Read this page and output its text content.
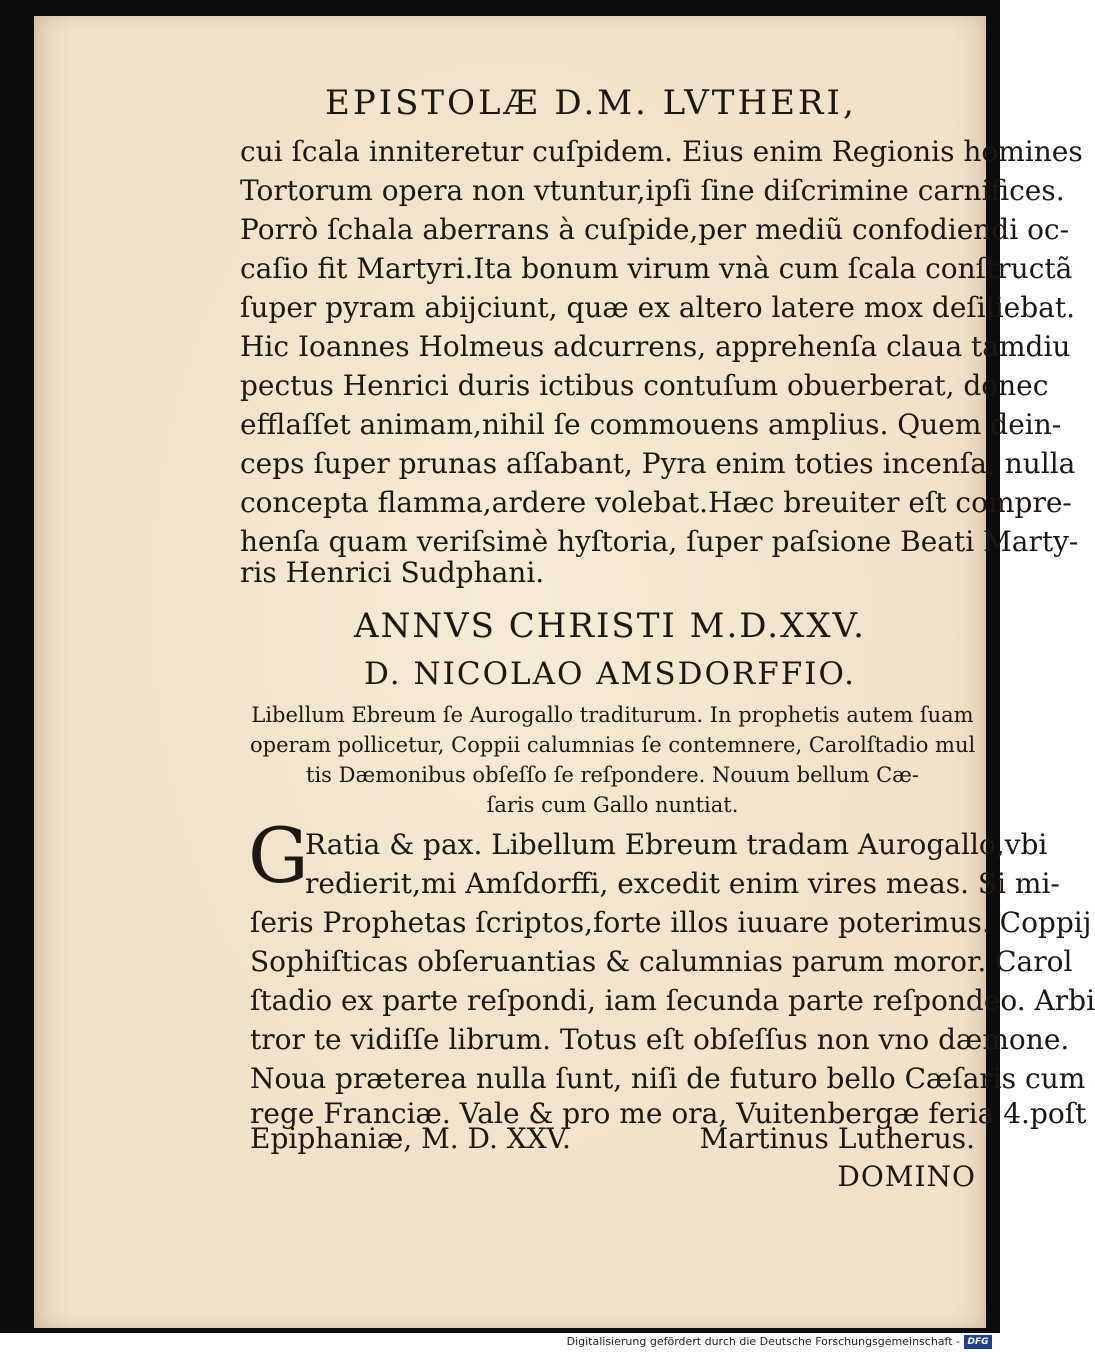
EPISTOLÆ D.M. LVTHERI,
cui ſcala inniteretur cuſpidem. Eius enim Regionis homines
Tortorum opera non vtuntur,ipſi ſine diſcrimine carnifices.
Porrò ſchala aberrans à cuſpide,per mediũ confodiendi oc-
caſio fit Martyri.Ita bonum virum vnà cum ſcala conſtructã
ſuper pyram abijciunt, quæ ex altero latere mox deſiliebat.
Hic Ioannes Holmeus adcurrens, apprehenſa claua tamdiu
pectus Henrici duris ictibus contuſum obuerberat, donec
efflaſſet animam,nihil ſe commouens amplius. Quem dein-
ceps ſuper prunas aſſabant, Pyra enim toties incenſa, nulla
concepta flamma,ardere volebat.Hæc breuiter eſt compre-
henſa quam veriſsimè hyſtoria, ſuper paſsione Beati Marty-
ris Henrici Sudphani.
ANNVS CHRISTI M.D.XXV.
D. NICOLAO AMSDORFFIO.
Libellum Ebreum ſe Aurogallo traditurum. In prophetis autem ſuam
operam pollicetur, Coppii calumnias ſe contemnere, Carolſtadio mul
tis Dæmonibus obſeſſo ſe reſpondere. Nouum bellum Cæ-
ſaris cum Gallo nuntiat.
G
Ratia & pax. Libellum Ebreum tradam Aurogallo,vbi
redierit,mi Amſdorffi, excedit enim vires meas. Si mi-
ſeris Prophetas ſcriptos,forte illos iuuare poterimus. Coppij
Sophiſticas obſeruantias & calumnias parum moror. Carol
ſtadio ex parte reſpondi, iam ſecunda parte reſpondeo. Arbi
tror te vidiſſe librum. Totus eſt obſeſſus non vno dæmone.
Noua præterea nulla ſunt, niſi de futuro bello Cæſaris cum
rege Franciæ. Vale & pro me ora, Vuitenbergæ feria 4.poſt
Epiphaniæ, M. D. XXV.	Martinus Lutherus.
DOMINO
Digitalisierung gefördert durch die Deutsche Forschungsgemeinschaft - DFG
